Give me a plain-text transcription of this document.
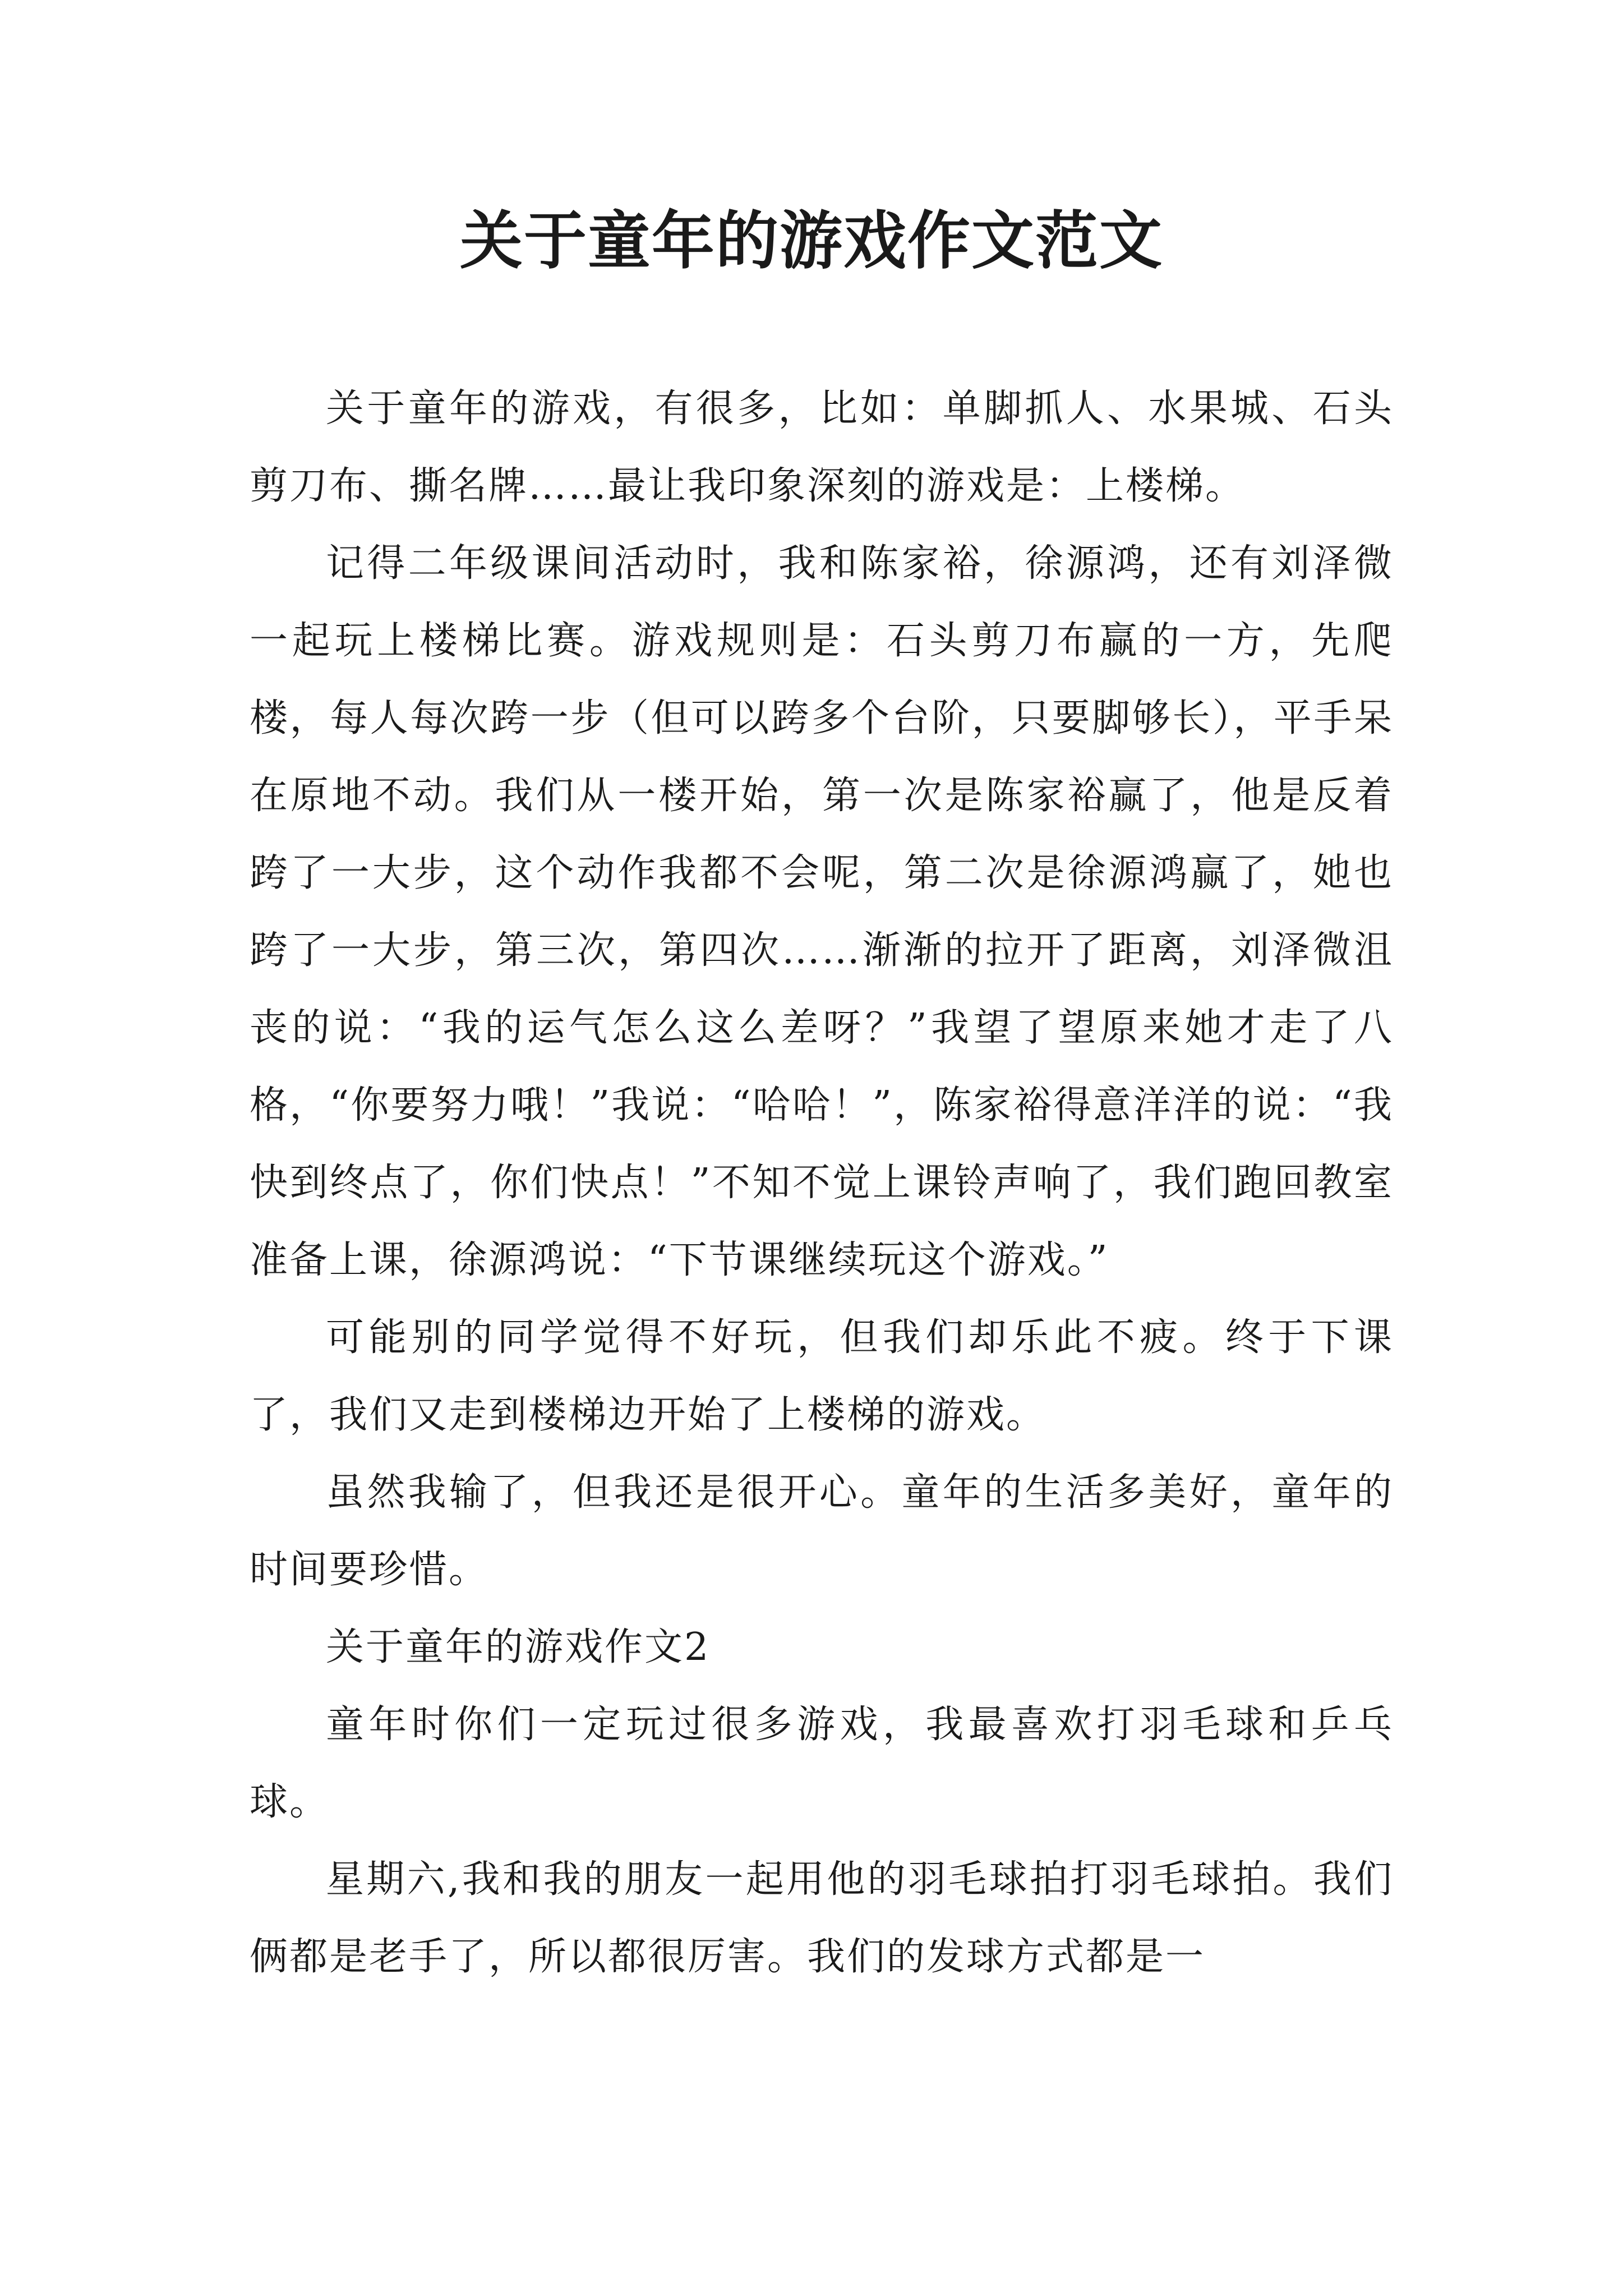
关于童年的游戏作文范文

关于童年的游戏，有很多，比如：单脚抓人、水果城、石头剪刀布、撕名牌……最让我印象深刻的游戏是：上楼梯。

记得二年级课间活动时，我和陈家裕，徐源鸿，还有刘泽微一起玩上楼梯比赛。游戏规则是：石头剪刀布赢的一方，先爬楼，每人每次跨一步（但可以跨多个台阶，只要脚够长），平手呆在原地不动。我们从一楼开始，第一次是陈家裕赢了，他是反着跨了一大步，这个动作我都不会呢，第二次是徐源鸿赢了，她也跨了一大步，第三次，第四次……渐渐的拉开了距离，刘泽微沮丧的说：“我的运气怎么这么差呀？”我望了望原来她才走了八格，“你要努力哦！”我说：“哈哈！”，陈家裕得意洋洋的说：“我快到终点了，你们快点！”不知不觉上课铃声响了，我们跑回教室准备上课，徐源鸿说：“下节课继续玩这个游戏。”

可能别的同学觉得不好玩，但我们却乐此不疲。终于下课了，我们又走到楼梯边开始了上楼梯的游戏。

虽然我输了，但我还是很开心。童年的生活多美好，童年的时间要珍惜。

关于童年的游戏作文2

童年时你们一定玩过很多游戏，我最喜欢打羽毛球和乒乓球。

星期六,我和我的朋友一起用他的羽毛球拍打羽毛球拍。我们俩都是老手了，所以都很厉害。我们的发球方式都是一
